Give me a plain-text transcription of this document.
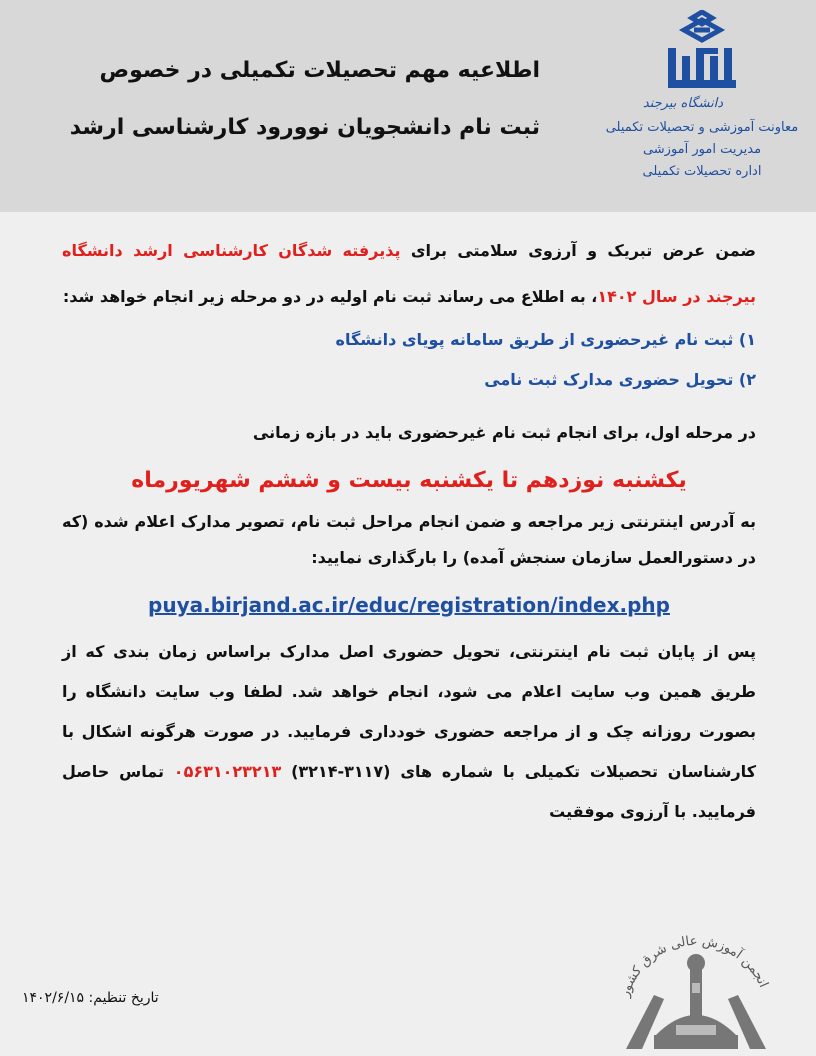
اطلاعیه مهم تحصیلات تکمیلی در خصوص
ثبت نام دانشجویان نوورود کارشناسی ارشد
دانشگاه بیرجند
معاونت آموزشی و تحصیلات تکمیلی
مدیریت امور آموزشی
اداره تحصیلات تکمیلی

ضمن عرض تبریک و آرزوی سلامتی برای پذیرفته شدگان کارشناسی ارشد دانشگاه بیرجند در سال ۱۴۰۲، به اطلاع می رساند ثبت نام اولیه در دو مرحله زیر انجام خواهد شد:

۱) ثبت نام غیرحضوری از طریق سامانه پویای دانشگاه
۲) تحویل حضوری مدارک ثبت نامی

در مرحله اول، برای انجام ثبت نام غیرحضوری باید در بازه زمانی

یکشنبه نوزدهم تا یکشنبه بیست و ششم شهریورماه

به آدرس اینترنتی زیر مراجعه و ضمن انجام مراحل ثبت نام، تصویر مدارک اعلام شده (که در دستورالعمل سازمان سنجش آمده) را بارگذاری نمایید:

puya.birjand.ac.ir/educ/registration/index.php

پس از پایان ثبت نام اینترنتی، تحویل حضوری اصل مدارک براساس زمان بندی که از طریق همین وب سایت اعلام می شود، انجام خواهد شد. لطفا وب سایت دانشگاه را بصورت روزانه چک و از مراجعه حضوری خودداری فرمایید. در صورت هرگونه اشکال با کارشناسان تحصیلات تکمیلی با شماره های (۳۱۱۷-۳۲۱۴) ۰۵۶۳۱۰۲۳۲۱۳ تماس حاصل فرمایید. با آرزوی موفقیت

تاریخ تنظیم: ۱۴۰۲/۶/۱۵	انجمن آموزش عالی شرق کشور
